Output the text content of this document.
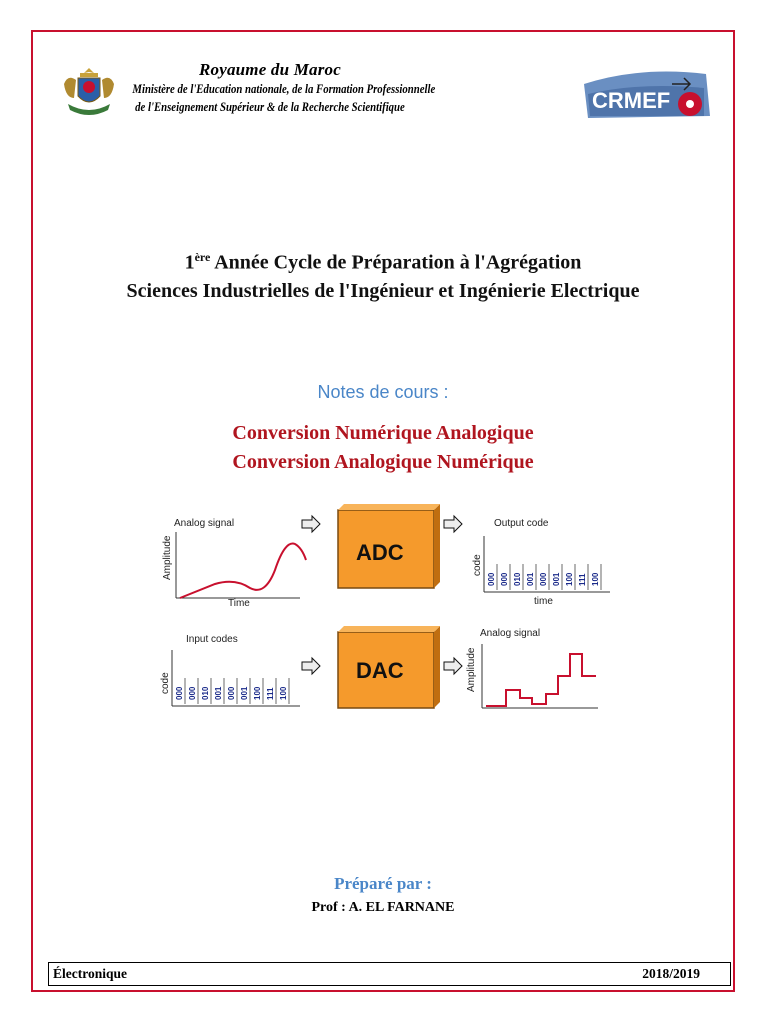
Royaume du Maroc
Ministère de l'Education nationale, de la Formation Professionnelle
de l'Enseignement Supérieur & de la Recherche Scientifique	CRMEF
1ère Année Cycle de Préparation à l'Agrégation
Sciences Industrielles de l'Ingénieur et Ingénierie Electrique
Notes de cours :
Conversion Numérique Analogique
Conversion Analogique Numérique
Analog signal
Amplitude
Time
ADC
Output code
code
000 000 010 001 000 001 100 111 100
time
Input codes
code 000 000 010 001 000 001 100 111 100
DAC
Analog signal
Amplitude
Préparé par :
Prof : A. EL FARNANE
Électronique	2018/2019
